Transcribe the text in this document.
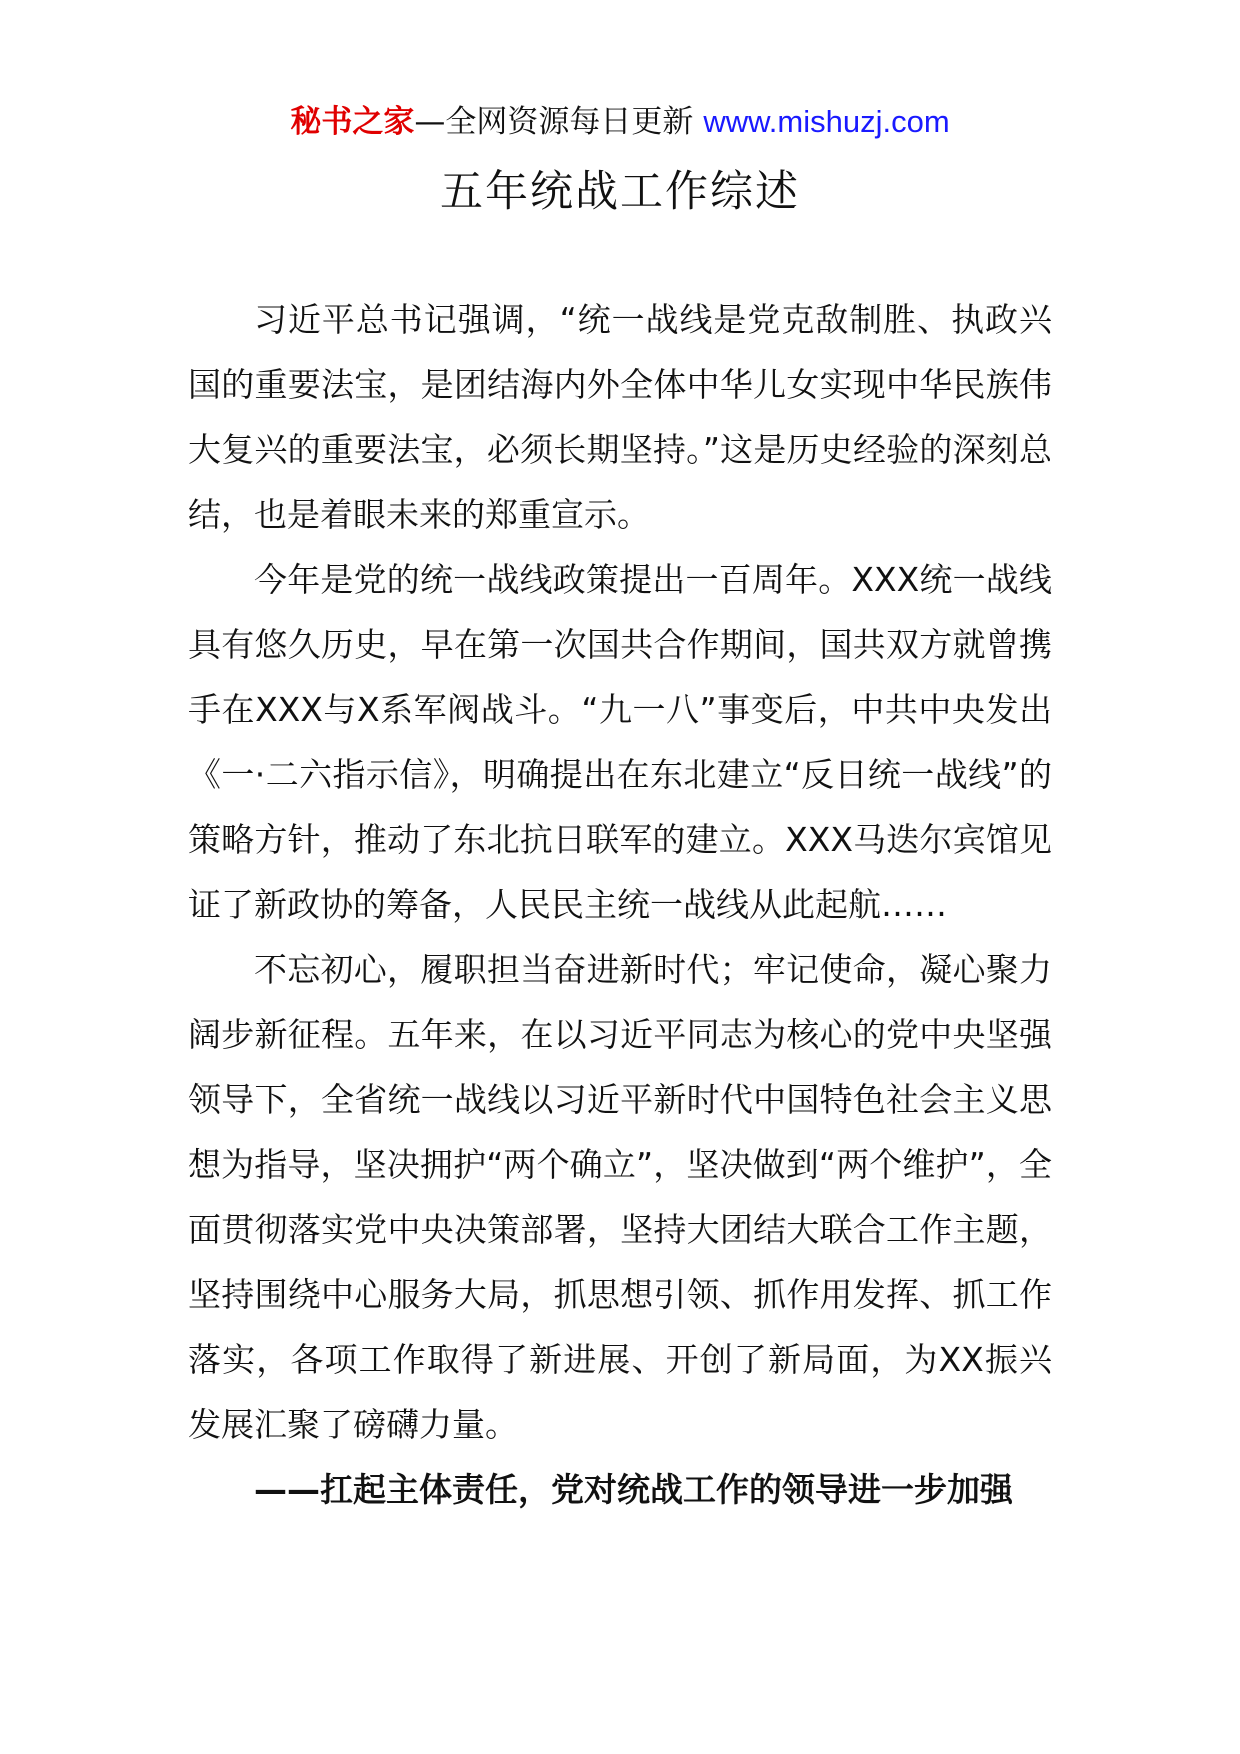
秘书之家—全网资源每日更新 www.mishuzj.com
五年统战工作综述

习近平总书记强调，“统一战线是党克敌制胜、执政兴国的重要法宝，是团结海内外全体中华儿女实现中华民族伟大复兴的重要法宝，必须长期坚持。”这是历史经验的深刻总结，也是着眼未来的郑重宣示。

今年是党的统一战线政策提出一百周年。XXX统一战线具有悠久历史，早在第一次国共合作期间，国共双方就曾携手在XXX与X系军阀战斗。“九一八”事变后，中共中央发出《一·二六指示信》，明确提出在东北建立“反日统一战线”的策略方针，推动了东北抗日联军的建立。XXX马迭尔宾馆见证了新政协的筹备，人民民主统一战线从此起航……

不忘初心，履职担当奋进新时代；牢记使命，凝心聚力阔步新征程。五年来，在以习近平同志为核心的党中央坚强领导下，全省统一战线以习近平新时代中国特色社会主义思想为指导，坚决拥护“两个确立”，坚决做到“两个维护”，全面贯彻落实党中央决策部署，坚持大团结大联合工作主题，坚持围绕中心服务大局，抓思想引领、抓作用发挥、抓工作落实，各项工作取得了新进展、开创了新局面，为XX振兴发展汇聚了磅礴力量。

——扛起主体责任，党对统战工作的领导进一步加强
